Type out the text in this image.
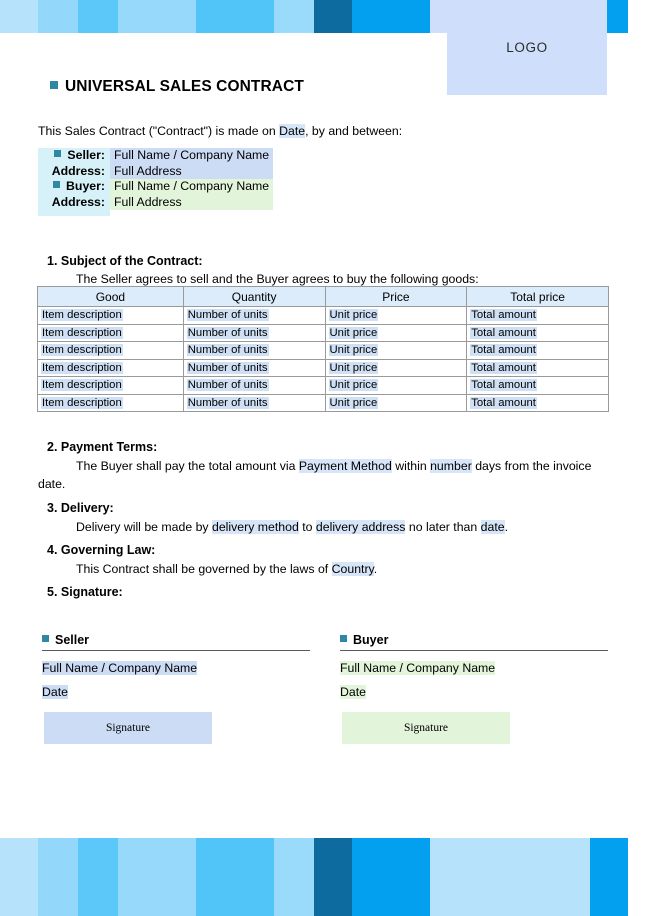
LOGO
UNIVERSAL SALES CONTRACT
This Sales Contract ("Contract") is made on Date, by and between:
Seller:	Full Name / Company Name
Address:	Full Address
Buyer:	Full Name / Company Name
Address:	Full Address

1. Subject of the Contract:
The Seller agrees to sell and the Buyer agrees to buy the following goods:
Good	Quantity	Price	Total price
Item description	Number of units	Unit price	Total amount
Item description	Number of units	Unit price	Total amount
Item description	Number of units	Unit price	Total amount
Item description	Number of units	Unit price	Total amount
Item description	Number of units	Unit price	Total amount
Item description	Number of units	Unit price	Total amount
2. Payment Terms:
The Buyer shall pay the total amount via Payment Method within number days from the invoice date.
3. Delivery:
Delivery will be made by delivery method to delivery address no later than date.
4. Governing Law:
This Contract shall be governed by the laws of Country.
5. Signature:
Seller
Full Name / Company Name
Date
Signature
Buyer
Full Name / Company Name
Date
Signature
